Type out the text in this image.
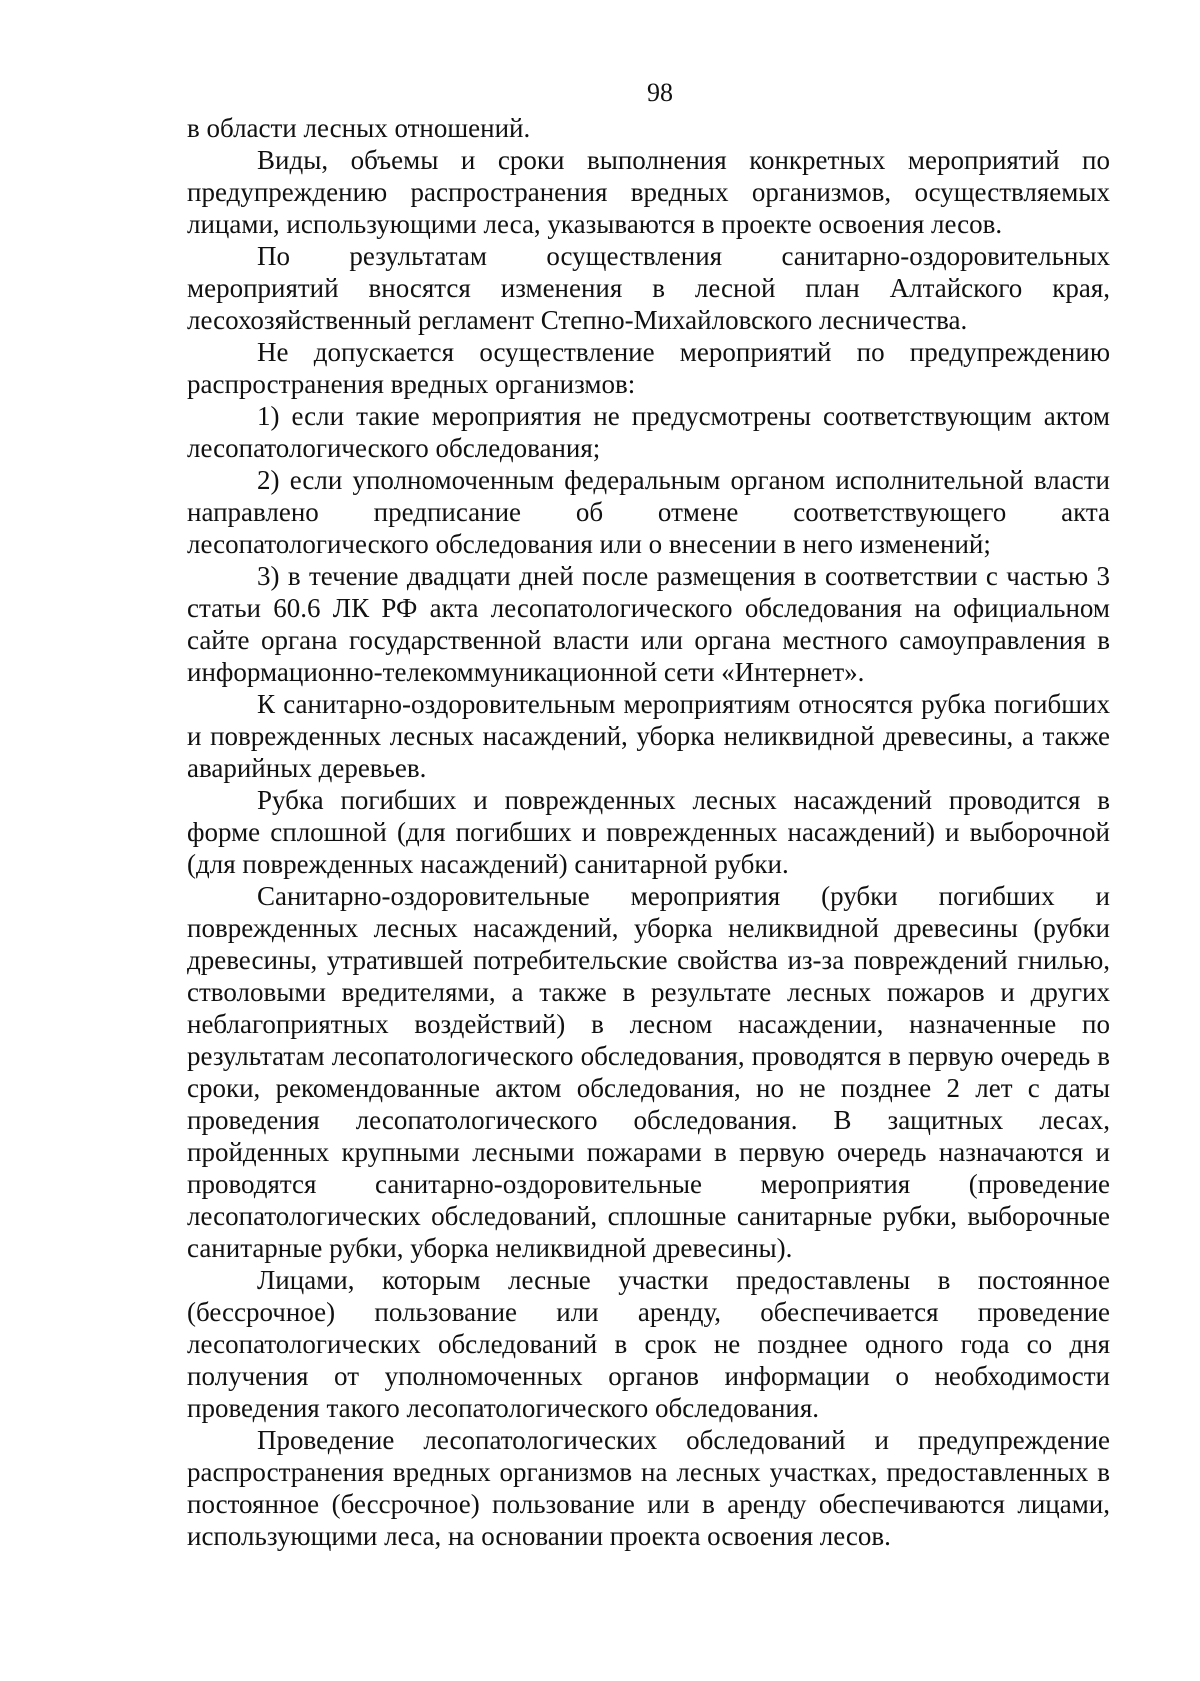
98

в области лесных отношений.

Виды, объемы и сроки выполнения конкретных мероприятий по предупреждению распространения вредных организмов, осуществляемых лицами, использующими леса, указываются в проекте освоения лесов.

По результатам осуществления санитарно-оздоровительных мероприятий вносятся изменения в лесной план Алтайского края, лесохозяйственный регламент Степно-Михайловского лесничества.

Не допускается осуществление мероприятий по предупреждению распространения вредных организмов:

1) если такие мероприятия не предусмотрены соответствующим актом лесопатологического обследования;

2) если уполномоченным федеральным органом исполнительной власти направлено предписание об отмене соответствующего акта лесопатологического обследования или о внесении в него изменений;

3) в течение двадцати дней после размещения в соответствии с частью 3 статьи 60.6 ЛК РФ акта лесопатологического обследования на официальном сайте органа государственной власти или органа местного самоуправления в информационно-телекоммуникационной сети «Интернет».

К санитарно-оздоровительным мероприятиям относятся рубка погибших и поврежденных лесных насаждений, уборка неликвидной древесины, а также аварийных деревьев.

Рубка погибших и поврежденных лесных насаждений проводится в форме сплошной (для погибших и поврежденных насаждений) и выборочной (для поврежденных насаждений) санитарной рубки.

Санитарно-оздоровительные мероприятия (рубки погибших и поврежденных лесных насаждений, уборка неликвидной древесины (рубки древесины, утратившей потребительские свойства из-за повреждений гнилью, стволовыми вредителями, а также в результате лесных пожаров и других неблагоприятных воздействий) в лесном насаждении, назначенные по результатам лесопатологического обследования, проводятся в первую очередь в сроки, рекомендованные актом обследования, но не позднее 2 лет с даты проведения лесопатологического обследования. В защитных лесах, пройденных крупными лесными пожарами в первую очередь назначаются и проводятся санитарно-оздоровительные мероприятия (проведение лесопатологических обследований, сплошные санитарные рубки, выборочные санитарные рубки, уборка неликвидной древесины).

Лицами, которым лесные участки предоставлены в постоянное (бессрочное) пользование или аренду, обеспечивается проведение лесопатологических обследований в срок не позднее одного года со дня получения от уполномоченных органов информации о необходимости проведения такого лесопатологического обследования.

Проведение лесопатологических обследований и предупреждение распространения вредных организмов на лесных участках, предоставленных в постоянное (бессрочное) пользование или в аренду обеспечиваются лицами, использующими леса, на основании проекта освоения лесов.
